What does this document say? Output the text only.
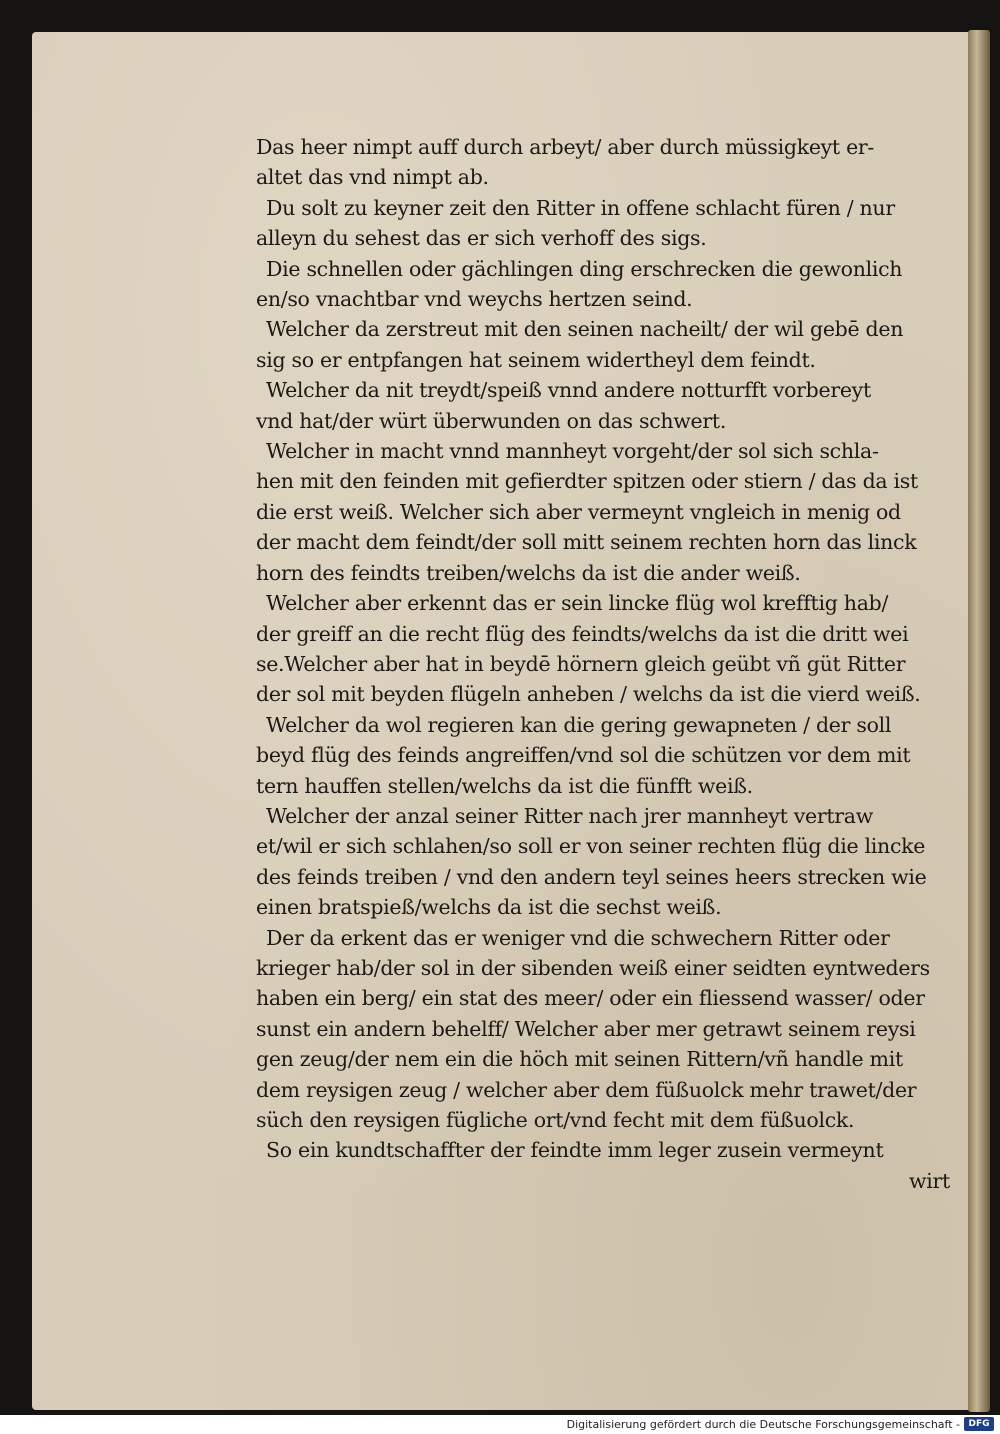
Das heer nimpt auff durch arbeyt/ aber durch müssigkeyt er-
altet das vnd nimpt ab.
Du solt zu keyner zeit den Ritter in offene schlacht füren / nur
alleyn du sehest das er sich verhoff des sigs.
Die schnellen oder gächlingen ding erschrecken die gewonlich
en/so vnachtbar vnd weychs hertzen seind.
Welcher da zerstreut mit den seinen nacheilt/ der wil gebē den
sig so er entpfangen hat seinem widertheyl dem feindt.
Welcher da nit treydt/speiß vnnd andere notturfft vorbereyt
vnd hat/der würt überwunden on das schwert.
Welcher in macht vnnd mannheyt vorgeht/der sol sich schla-
hen mit den feinden mit gefierdter spitzen oder stiern / das da ist
die erst weiß. Welcher sich aber vermeynt vngleich in menig od
der macht dem feindt/der soll mitt seinem rechten horn das linck
horn des feindts treiben/welchs da ist die ander weiß.
Welcher aber erkennt das er sein lincke flüg wol krefftig hab/
der greiff an die recht flüg des feindts/welchs da ist die dritt wei
se.Welcher aber hat in beydē hörnern gleich geübt vñ güt Ritter
der sol mit beyden flügeln anheben / welchs da ist die vierd weiß.
Welcher da wol regieren kan die gering gewapneten / der soll
beyd flüg des feinds angreiffen/vnd sol die schützen vor dem mit
tern hauffen stellen/welchs da ist die fünfft weiß.
Welcher der anzal seiner Ritter nach jrer mannheyt vertraw
et/wil er sich schlahen/so soll er von seiner rechten flüg die lincke
des feinds treiben / vnd den andern teyl seines heers strecken wie
einen bratspieß/welchs da ist die sechst weiß.
Der da erkent das er weniger vnd die schwechern Ritter oder
krieger hab/der sol in der sibenden weiß einer seidten eyntweders
haben ein berg/ ein stat des meer/ oder ein fliessend wasser/ oder
sunst ein andern behelff/ Welcher aber mer getrawt seinem reysi
gen zeug/der nem ein die höch mit seinen Rittern/vñ handle mit
dem reysigen zeug / welcher aber dem füßuolck mehr trawet/der
süch den reysigen fügliche ort/vnd fecht mit dem füßuolck.
So ein kundtschaffter der feindte imm leger zusein vermeynt
wirt
Digitalisierung gefördert durch die Deutsche Forschungsgemeinschaft - DFG
